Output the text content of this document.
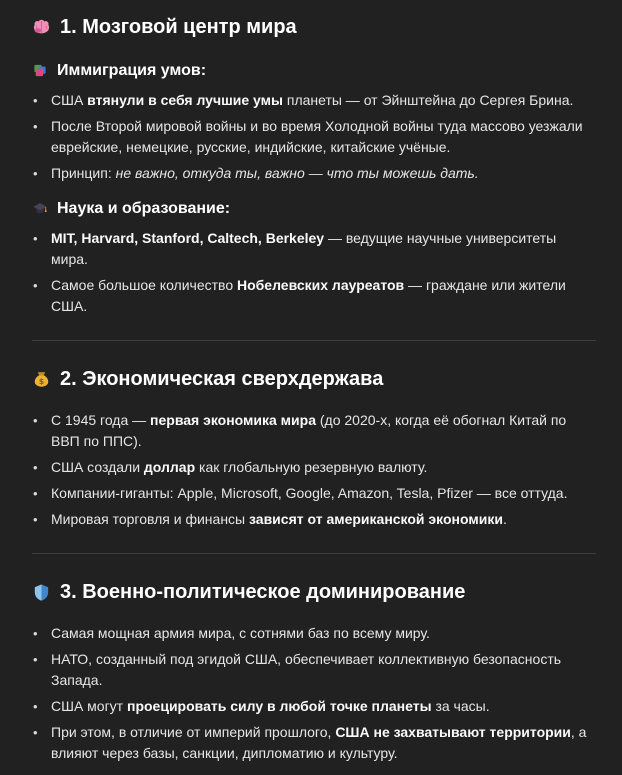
1. Мозговой центр мира
Иммиграция умов:
• США втянули в себя лучшие умы планеты — от Эйнштейна до Сергея Брина.
• После Второй мировой войны и во время Холодной войны туда массово уезжали еврейские, немецкие, русские, индийские, китайские учёные.
• Принцип: не важно, откуда ты, важно — что ты можешь дать.
Наука и образование:
• MIT, Harvard, Stanford, Caltech, Berkeley — ведущие научные университеты мира.
• Самое большое количество Нобелевских лауреатов — граждане или жители США.
$ 2. Экономическая сверхдержава
• С 1945 года — первая экономика мира (до 2020-х, когда её обогнал Китай по ВВП по ППС).
• США создали доллар как глобальную резервную валюту.
• Компании-гиганты: Apple, Microsoft, Google, Amazon, Tesla, Pfizer — все оттуда.
• Мировая торговля и финансы зависят от американской экономики.
3. Военно-политическое доминирование
• Самая мощная армия мира, с сотнями баз по всему миру.
• НАТО, созданный под эгидой США, обеспечивает коллективную безопасность Запада.
• США могут проецировать силу в любой точке планеты за часы.
• При этом, в отличие от империй прошлого, США не захватывают территории, а влияют через базы, санкции, дипломатию и культуру.
